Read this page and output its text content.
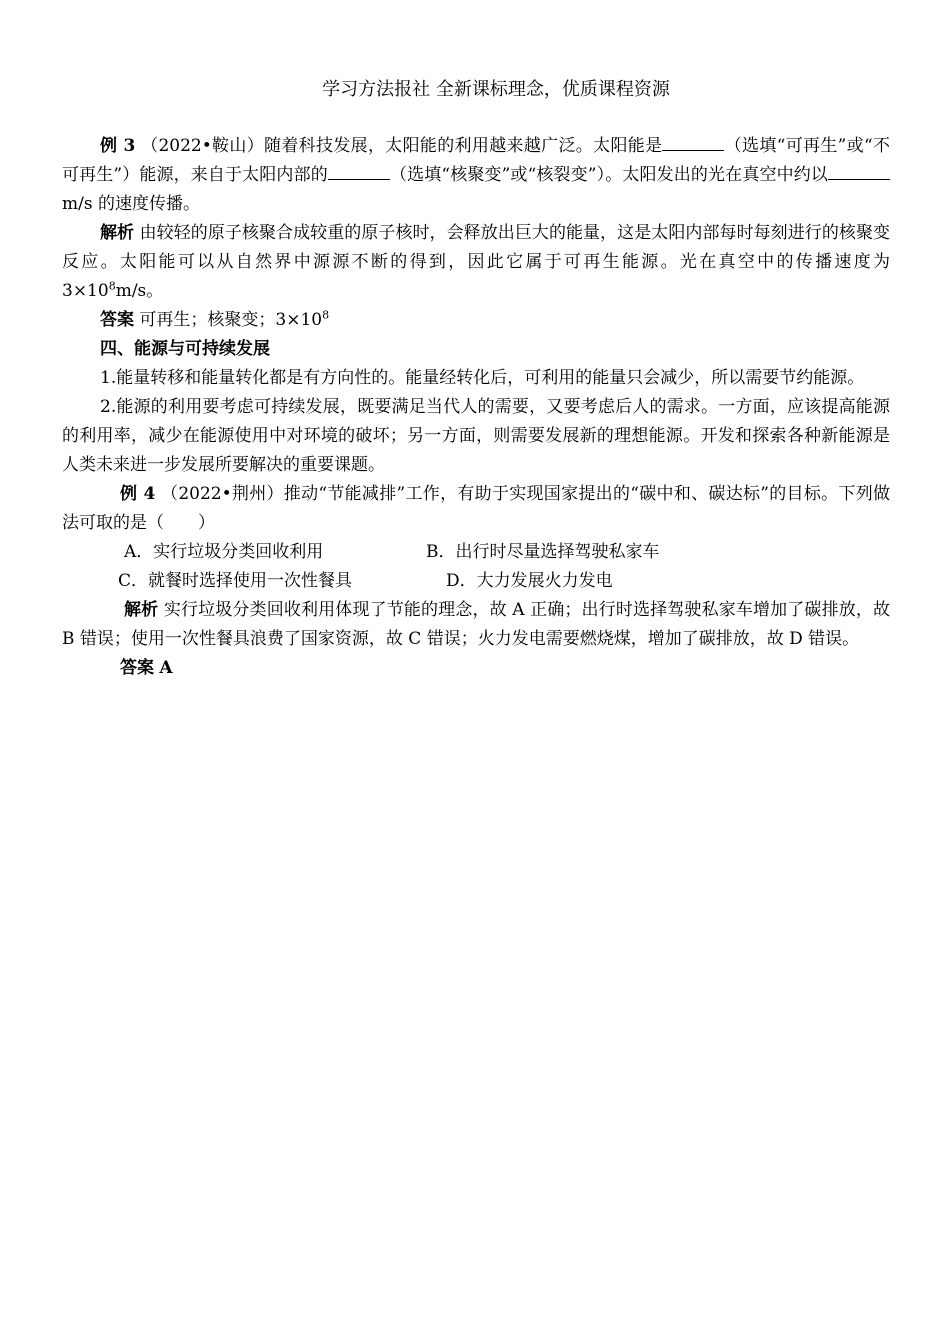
学习方法报社 全新课标理念，优质课程资源

例 3 （2022•鞍山）随着科技发展，太阳能的利用越来越广泛。太阳能是	（选填“可再生”或“不可再生”）能源，来自于太阳内部的	（选填“核聚变”或“核裂变”）。太阳发出的光在真空中约以m/s 的速度传播。

解析 由较轻的原子核聚合成较重的原子核时，会释放出巨大的能量，这是太阳内部每时每刻进行的核聚变反应。太阳能可以从自然界中源源不断的得到，因此它属于可再生能源。光在真空中的传播速度为 $3\times 10^8m/s$。

答案 可再生；核聚变；$3\times 10^8$

四、能源与可持续发展

1.能量转移和能量转化都是有方向性的。能量经转化后，可利用的能量只会减少，所以需要节约能源。

2.能源的利用要考虑可持续发展，既要满足当代人的需要，又要考虑后人的需求。一方面，应该提高能源的利用率，减少在能源使用中对环境的破坏；另一方面，则需要发展新的理想能源。开发和探索各种新能源是人类未来进一步发展所要解决的重要课题。

例 4 （2022•荆州）推动“节能减排”工作，有助于实现国家提出的“碳中和、碳达标”的目标。下列做法可取的是（　　）

A．实行垃圾分类回收利用	B．出行时尽量选择驾驶私家车
C．就餐时选择使用一次性餐具	D．大力发展火力发电

解析 实行垃圾分类回收利用体现了节能的理念，故 A 正确；出行时选择驾驶私家车增加了碳排放，故 B 错误；使用一次性餐具浪费了国家资源，故 C 错误；火力发电需要燃烧煤，增加了碳排放，故 D 错误。

答案 A
